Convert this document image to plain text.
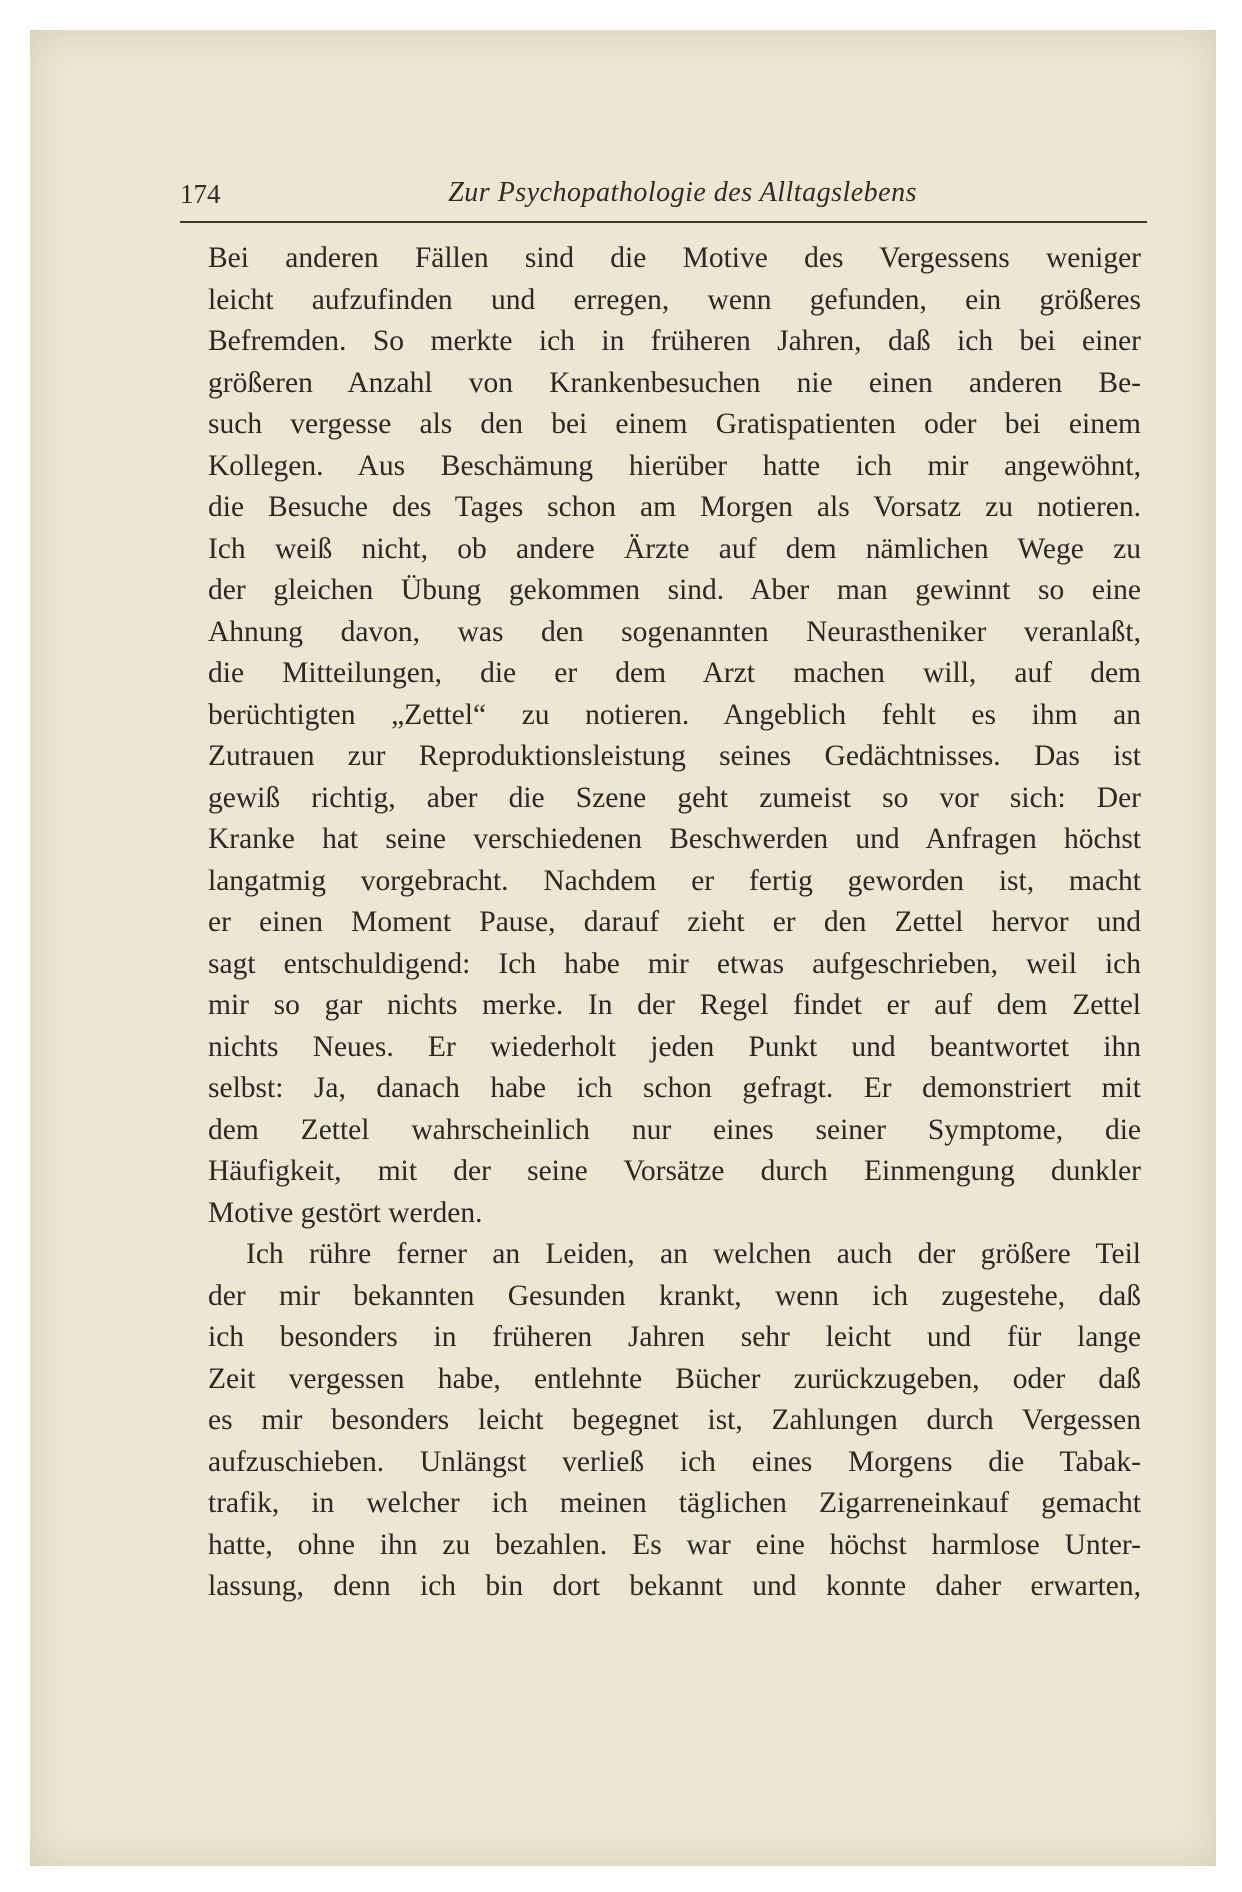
174	Zur Psychopathologie des Alltagslebens
Bei anderen Fällen sind die Motive des Vergessens weniger
leicht aufzufinden und erregen, wenn gefunden, ein größeres
Befremden. So merkte ich in früheren Jahren, daß ich bei einer
größeren Anzahl von Krankenbesuchen nie einen anderen Be-
such vergesse als den bei einem Gratispatienten oder bei einem
Kollegen. Aus Beschämung hierüber hatte ich mir angewöhnt,
die Besuche des Tages schon am Morgen als Vorsatz zu notieren.
Ich weiß nicht, ob andere Ärzte auf dem nämlichen Wege zu
der gleichen Übung gekommen sind. Aber man gewinnt so eine
Ahnung davon, was den sogenannten Neurastheniker veranlaßt,
die Mitteilungen, die er dem Arzt machen will, auf dem
berüchtigten „Zettel“ zu notieren. Angeblich fehlt es ihm an
Zutrauen zur Reproduktionsleistung seines Gedächtnisses. Das ist
gewiß richtig, aber die Szene geht zumeist so vor sich: Der
Kranke hat seine verschiedenen Beschwerden und Anfragen höchst
langatmig vorgebracht. Nachdem er fertig geworden ist, macht
er einen Moment Pause, darauf zieht er den Zettel hervor und
sagt entschuldigend: Ich habe mir etwas aufgeschrieben, weil ich
mir so gar nichts merke. In der Regel findet er auf dem Zettel
nichts Neues. Er wiederholt jeden Punkt und beantwortet ihn
selbst: Ja, danach habe ich schon gefragt. Er demonstriert mit
dem Zettel wahrscheinlich nur eines seiner Symptome, die
Häufigkeit, mit der seine Vorsätze durch Einmengung dunkler
Motive gestört werden.
Ich rühre ferner an Leiden, an welchen auch der größere Teil
der mir bekannten Gesunden krankt, wenn ich zugestehe, daß
ich besonders in früheren Jahren sehr leicht und für lange
Zeit vergessen habe, entlehnte Bücher zurückzugeben, oder daß
es mir besonders leicht begegnet ist, Zahlungen durch Vergessen
aufzuschieben. Unlängst verließ ich eines Morgens die Tabak-
trafik, in welcher ich meinen täglichen Zigarreneinkauf gemacht
hatte, ohne ihn zu bezahlen. Es war eine höchst harmlose Unter-
lassung, denn ich bin dort bekannt und konnte daher erwarten,
